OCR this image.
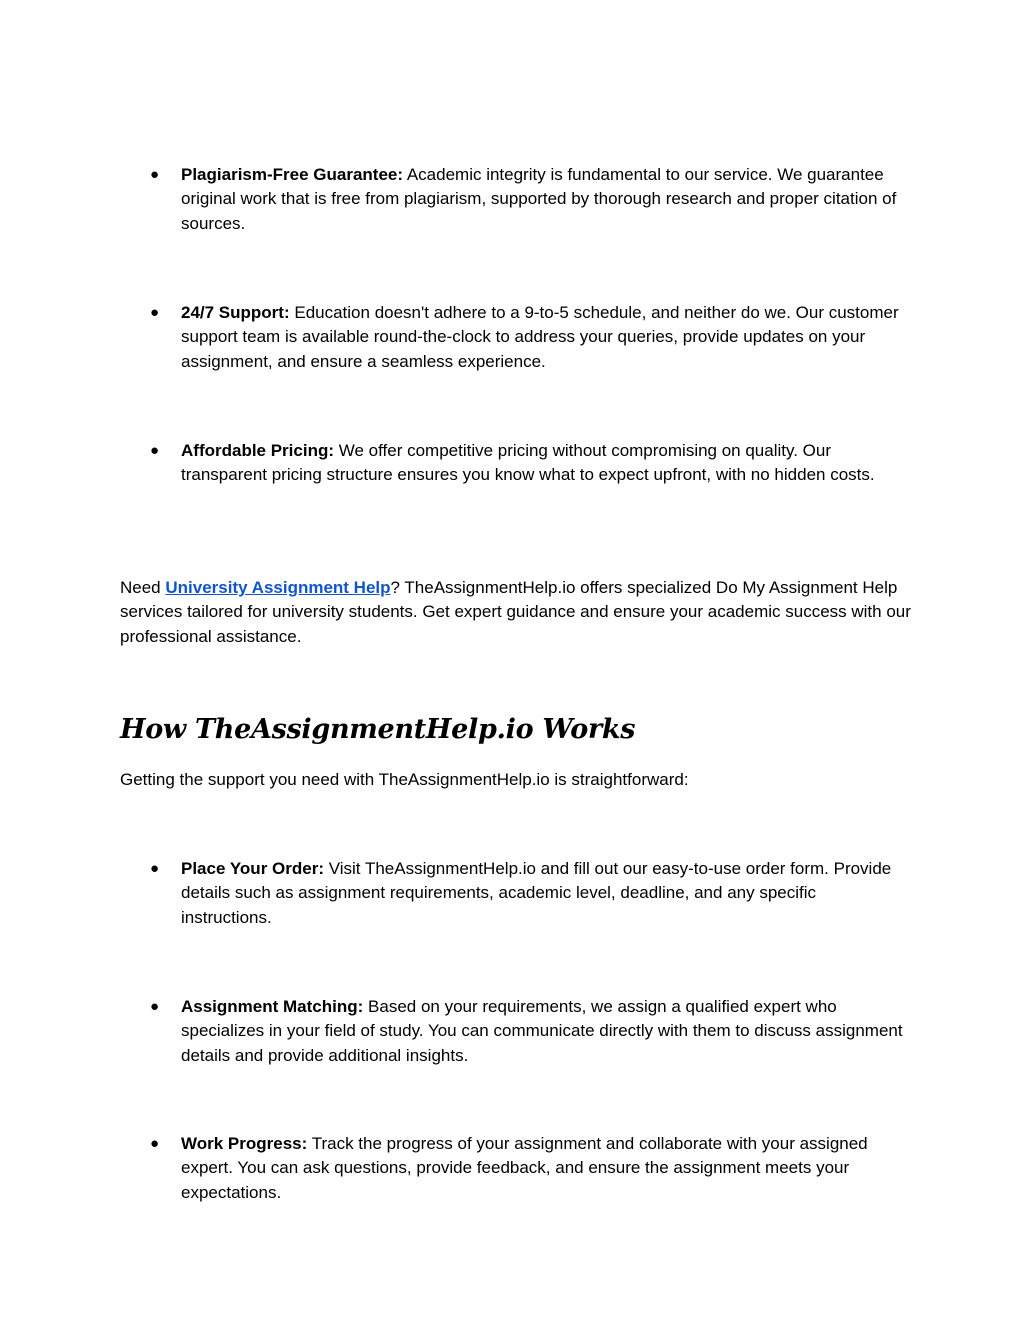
● Plagiarism-Free Guarantee: Academic integrity is fundamental to our service. We guarantee original work that is free from plagiarism, supported by thorough research and proper citation of sources.
● 24/7 Support: Education doesn't adhere to a 9-to-5 schedule, and neither do we. Our customer support team is available round-the-clock to address your queries, provide updates on your assignment, and ensure a seamless experience.
● Affordable Pricing: We offer competitive pricing without compromising on quality. Our transparent pricing structure ensures you know what to expect upfront, with no hidden costs.

Need University Assignment Help? TheAssignmentHelp.io offers specialized Do My Assignment Help services tailored for university students. Get expert guidance and ensure your academic success with our professional assistance.

How TheAssignmentHelp.io Works

Getting the support you need with TheAssignmentHelp.io is straightforward:

● Place Your Order: Visit TheAssignmentHelp.io and fill out our easy-to-use order form. Provide details such as assignment requirements, academic level, deadline, and any specific instructions.
● Assignment Matching: Based on your requirements, we assign a qualified expert who specializes in your field of study. You can communicate directly with them to discuss assignment details and provide additional insights.
● Work Progress: Track the progress of your assignment and collaborate with your assigned expert. You can ask questions, provide feedback, and ensure the assignment meets your expectations.
